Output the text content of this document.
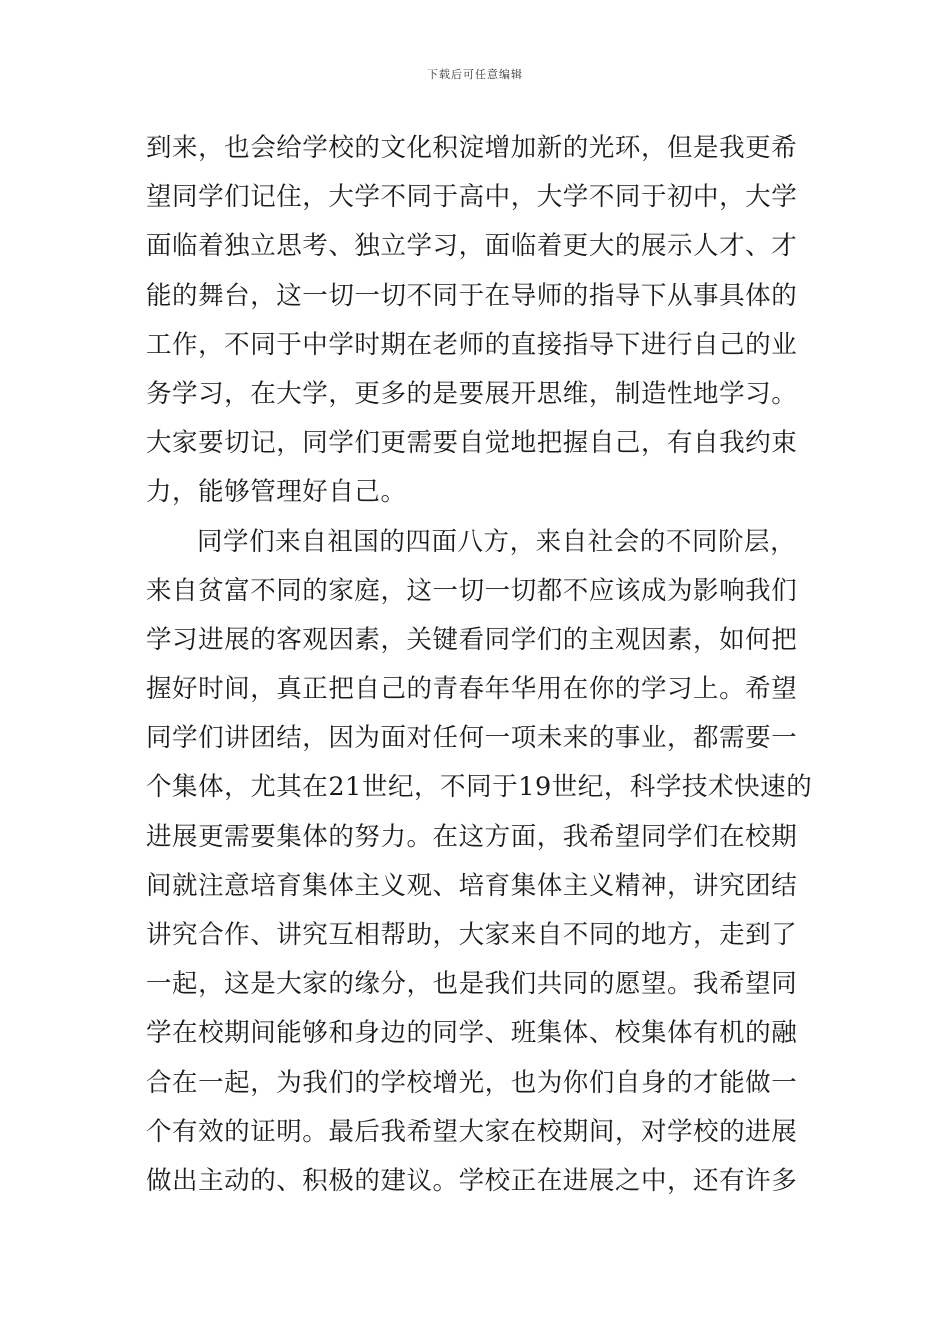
下载后可任意编辑
到来，也会给学校的文化积淀增加新的光环，但是我更希
望同学们记住，大学不同于高中，大学不同于初中，大学
面临着独立思考、独立学习，面临着更大的展示人才、才
能的舞台，这一切一切不同于在导师的指导下从事具体的
工作，不同于中学时期在老师的直接指导下进行自己的业
务学习，在大学，更多的是要展开思维，制造性地学习。
大家要切记，同学们更需要自觉地把握自己，有自我约束
力，能够管理好自己。
同学们来自祖国的四面八方，来自社会的不同阶层，
来自贫富不同的家庭，这一切一切都不应该成为影响我们
学习进展的客观因素，关键看同学们的主观因素，如何把
握好时间，真正把自己的青春年华用在你的学习上。希望
同学们讲团结，因为面对任何一项未来的事业，都需要一
个集体，尤其在21世纪，不同于19世纪，科学技术快速的
进展更需要集体的努力。在这方面，我希望同学们在校期
间就注意培育集体主义观、培育集体主义精神，讲究团结
讲究合作、讲究互相帮助，大家来自不同的地方，走到了
一起，这是大家的缘分，也是我们共同的愿望。我希望同
学在校期间能够和身边的同学、班集体、校集体有机的融
合在一起，为我们的学校增光，也为你们自身的才能做一
个有效的证明。最后我希望大家在校期间，对学校的进展
做出主动的、积极的建议。学校正在进展之中，还有许多
